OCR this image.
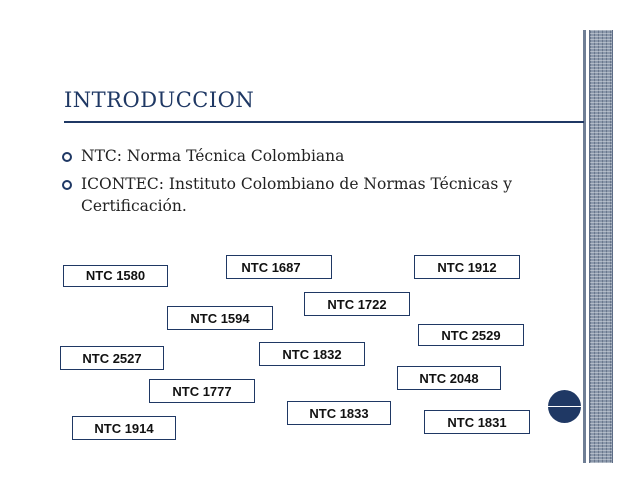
INTRODUCCION
NTC: Norma Técnica Colombiana
ICONTEC: Instituto Colombiano de Normas Técnicas y Certificación.
NTC 1580
NTC 1687	NTC 1912
NTC 1722
NTC 1594
NTC 2529
NTC 2527	NTC 1832
NTC 2048
NTC 1777
NTC 1833
NTC 1914	NTC 1831
